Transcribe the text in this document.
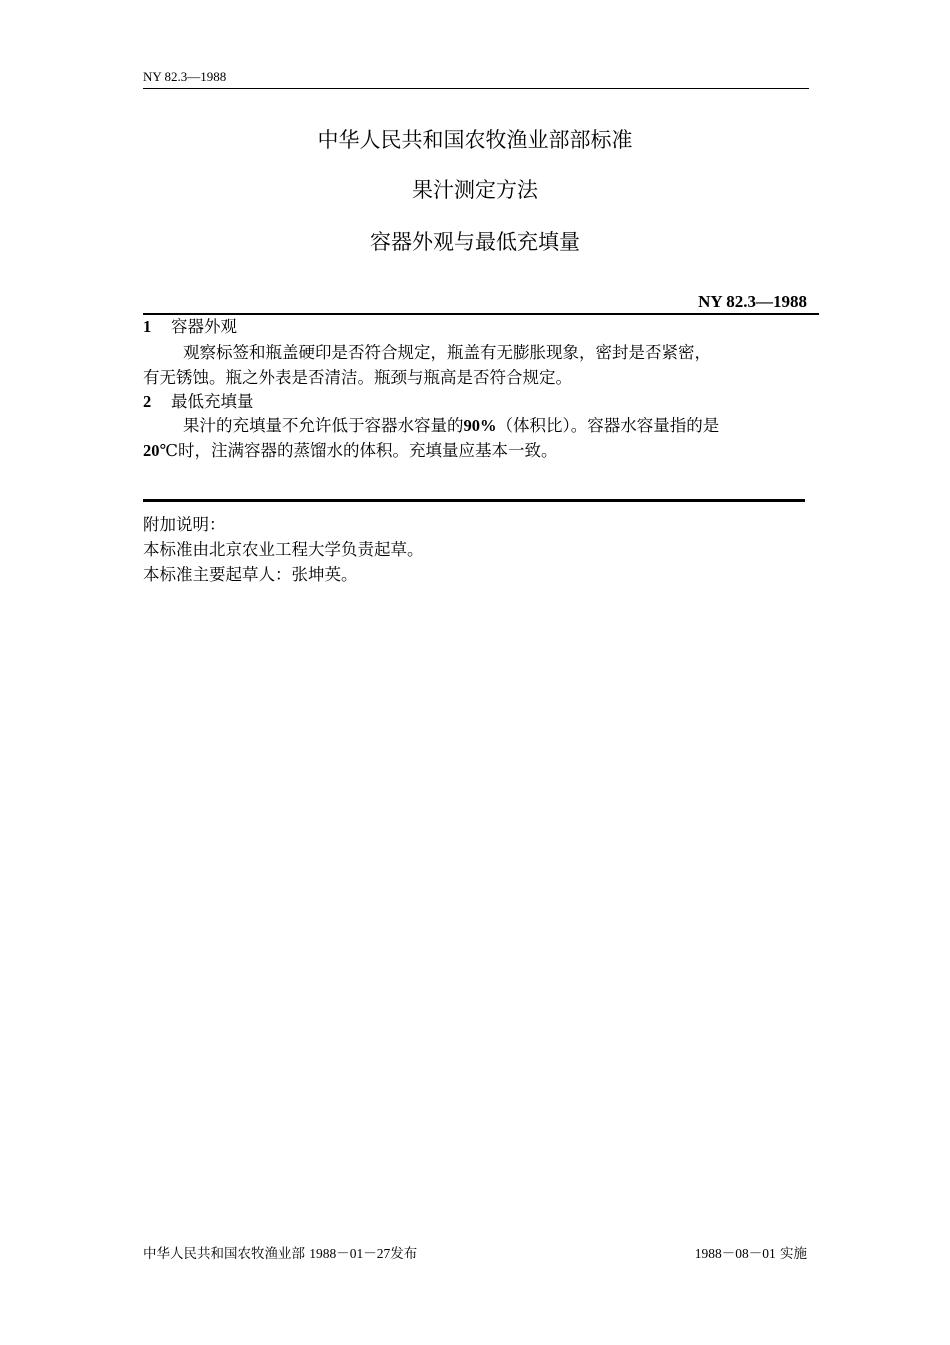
NY 82.3—1988
中华人民共和国农牧渔业部部标准
果汁测定方法
容器外观与最低充填量
NY 82.3—1988
1 容器外观
观察标签和瓶盖硬印是否符合规定，瓶盖有无膨胀现象，密封是否紧密，
有无锈蚀。瓶之外表是否清洁。瓶颈与瓶高是否符合规定。
2 最低充填量
果汁的充填量不允许低于容器水容量的90%（体积比）。容器水容量指的是
20℃时，注满容器的蒸馏水的体积。充填量应基本一致。
附加说明：
本标准由北京农业工程大学负责起草。
本标准主要起草人：张坤英。
中华人民共和国农牧渔业部 1988－01－27发布	1988－08－01 实施
